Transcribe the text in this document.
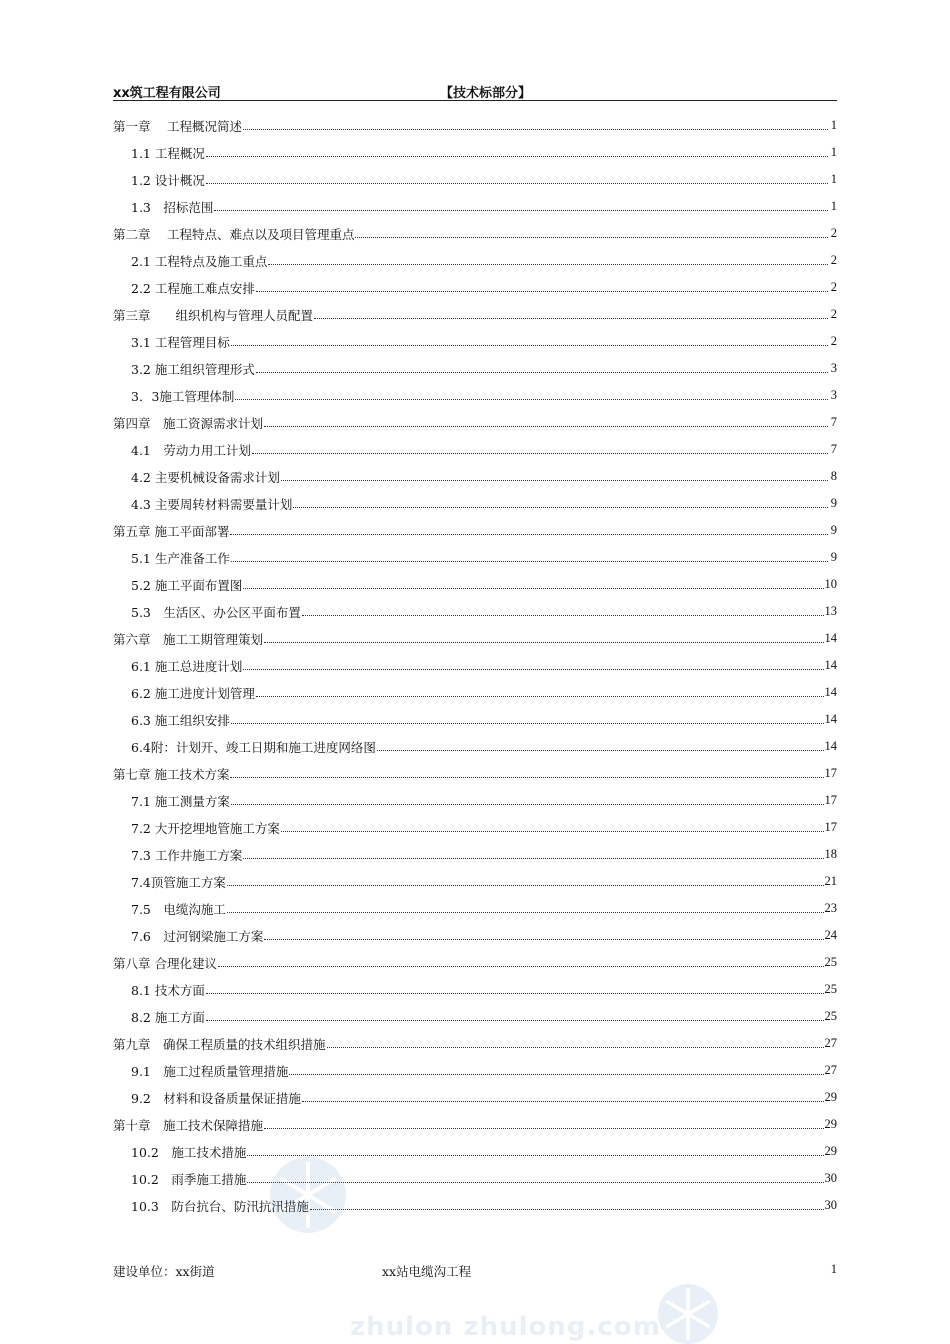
xx筑工程有限公司	【技术标部分】
第一章　 工程概况简述	1
1.1 工程概况	1
1.2 设计概况	1
1.3　招标范围	1
第二章　 工程特点、难点以及项目管理重点	2
2.1 工程特点及施工重点	2
2.2 工程施工难点安排	2
第三章　　组织机构与管理人员配置	2
3.1 工程管理目标	2
3.2 施工组织管理形式	3
3．3施工管理体制	3
第四章　施工资源需求计划	7
4.1　劳动力用工计划	7
4.2 主要机械设备需求计划	8
4.3 主要周转材料需要量计划	9
第五章 施工平面部署	9
5.1 生产准备工作	9
5.2 施工平面布置图	10
5.3　生活区、办公区平面布置	13
第六章　施工工期管理策划	14
6.1 施工总进度计划	14
6.2 施工进度计划管理	14
6.3 施工组织安排	14
6.4附：计划开、竣工日期和施工进度网络图	14
第七章 施工技术方案	17
7.1 施工测量方案	17
7.2 大开挖埋地管施工方案	17
7.3 工作井施工方案	18
7.4顶管施工方案	21
7.5　电缆沟施工	23
7.6　过河钢梁施工方案	24
第八章 合理化建议	25
8.1 技术方面	25
8.2 施工方面	25
第九章　确保工程质量的技术组织措施	27
9.1　施工过程质量管理措施	27
9.2　材料和设备质量保证措施	29
第十章　施工技术保障措施	29
10.2　施工技术措施	29
10.2　雨季施工措施	30
10.3　防台抗台、防汛抗汛措施	30
建设单位：xx街道	xx站电缆沟工程	1
zhulon zhulong.com
